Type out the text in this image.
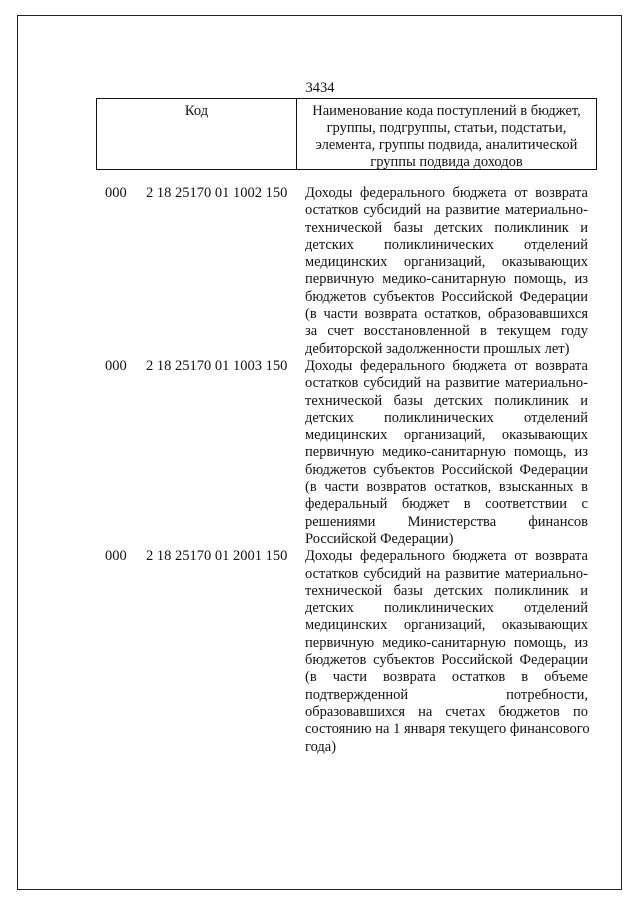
3434
Код	Наименование кода поступлений в бюджет,
группы, подгруппы, статьи, подстатьи,
элемента, группы подвида, аналитической
группы подвида доходов
000 2 18 25170 01 1002 150 Доходы федерального бюджета от возврата
остатков субсидий на развитие материально-
технической базы детских поликлиник и
детских поликлинических отделений
медицинских организаций, оказывающих
первичную медико-санитарную помощь, из
бюджетов субъектов Российской Федерации
(в части возврата остатков, образовавшихся
за счет восстановленной в текущем году
дебиторской задолженности прошлых лет)
000 2 18 25170 01 1003 150 Доходы федерального бюджета от возврата
остатков субсидий на развитие материально-
технической базы детских поликлиник и
детских поликлинических отделений
медицинских организаций, оказывающих
первичную медико-санитарную помощь, из
бюджетов субъектов Российской Федерации
(в части возвратов остатков, взысканных в
федеральный бюджет в соответствии с
решениями Министерства финансов
Российской Федерации)
000 2 18 25170 01 2001 150 Доходы федерального бюджета от возврата
остатков субсидий на развитие материально-
технической базы детских поликлиник и
детских поликлинических отделений
медицинских организаций, оказывающих
первичную медико-санитарную помощь, из
бюджетов субъектов Российской Федерации
(в части возврата остатков в объеме
подтвержденной потребности,
образовавшихся на счетах бюджетов по
состоянию на 1 января текущего финансового
года)
